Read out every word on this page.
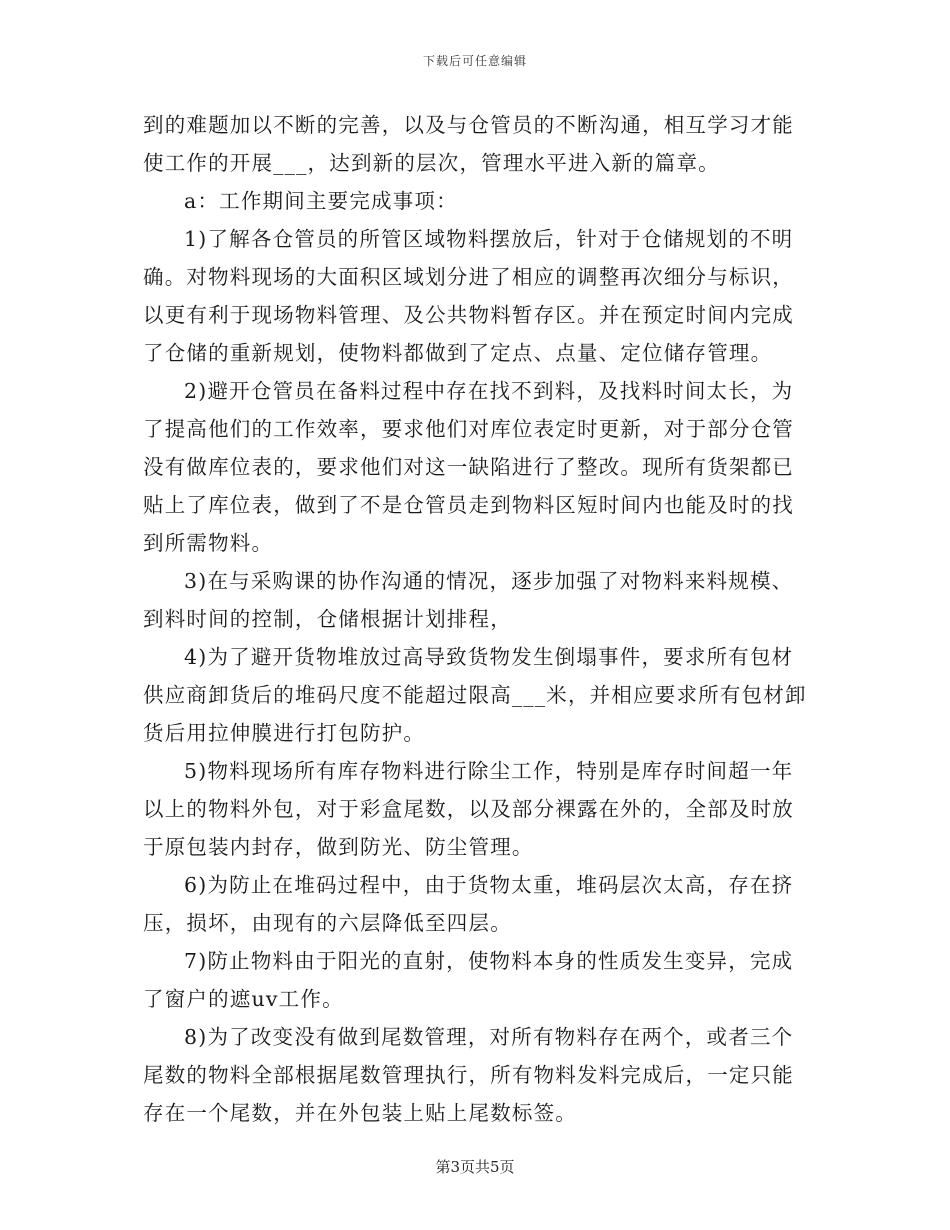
下载后可任意编辑
到的难题加以不断的完善，以及与仓管员的不断沟通，相互学习才能
使工作的开展___，达到新的层次，管理水平进入新的篇章。
a：工作期间主要完成事项：
1)了解各仓管员的所管区域物料摆放后，针对于仓储规划的不明
确。对物料现场的大面积区域划分进了相应的调整再次细分与标识，
以更有利于现场物料管理、及公共物料暂存区。并在预定时间内完成
了仓储的重新规划，使物料都做到了定点、点量、定位储存管理。
2)避开仓管员在备料过程中存在找不到料，及找料时间太长，为
了提高他们的工作效率，要求他们对库位表定时更新，对于部分仓管
没有做库位表的，要求他们对这一缺陷进行了整改。现所有货架都已
贴上了库位表，做到了不是仓管员走到物料区短时间内也能及时的找
到所需物料。
3)在与采购课的协作沟通的情况，逐步加强了对物料来料规模、
到料时间的控制，仓储根据计划排程，
4)为了避开货物堆放过高导致货物发生倒塌事件，要求所有包材
供应商卸货后的堆码尺度不能超过限高___米，并相应要求所有包材卸
货后用拉伸膜进行打包防护。
5)物料现场所有库存物料进行除尘工作，特别是库存时间超一年
以上的物料外包，对于彩盒尾数，以及部分裸露在外的，全部及时放
于原包装内封存，做到防光、防尘管理。
6)为防止在堆码过程中，由于货物太重，堆码层次太高，存在挤
压，损坏，由现有的六层降低至四层。
7)防止物料由于阳光的直射，使物料本身的性质发生变异，完成
了窗户的遮uv工作。
8)为了改变没有做到尾数管理，对所有物料存在两个，或者三个
尾数的物料全部根据尾数管理执行，所有物料发料完成后，一定只能
存在一个尾数，并在外包装上贴上尾数标签。
第3页共5页
